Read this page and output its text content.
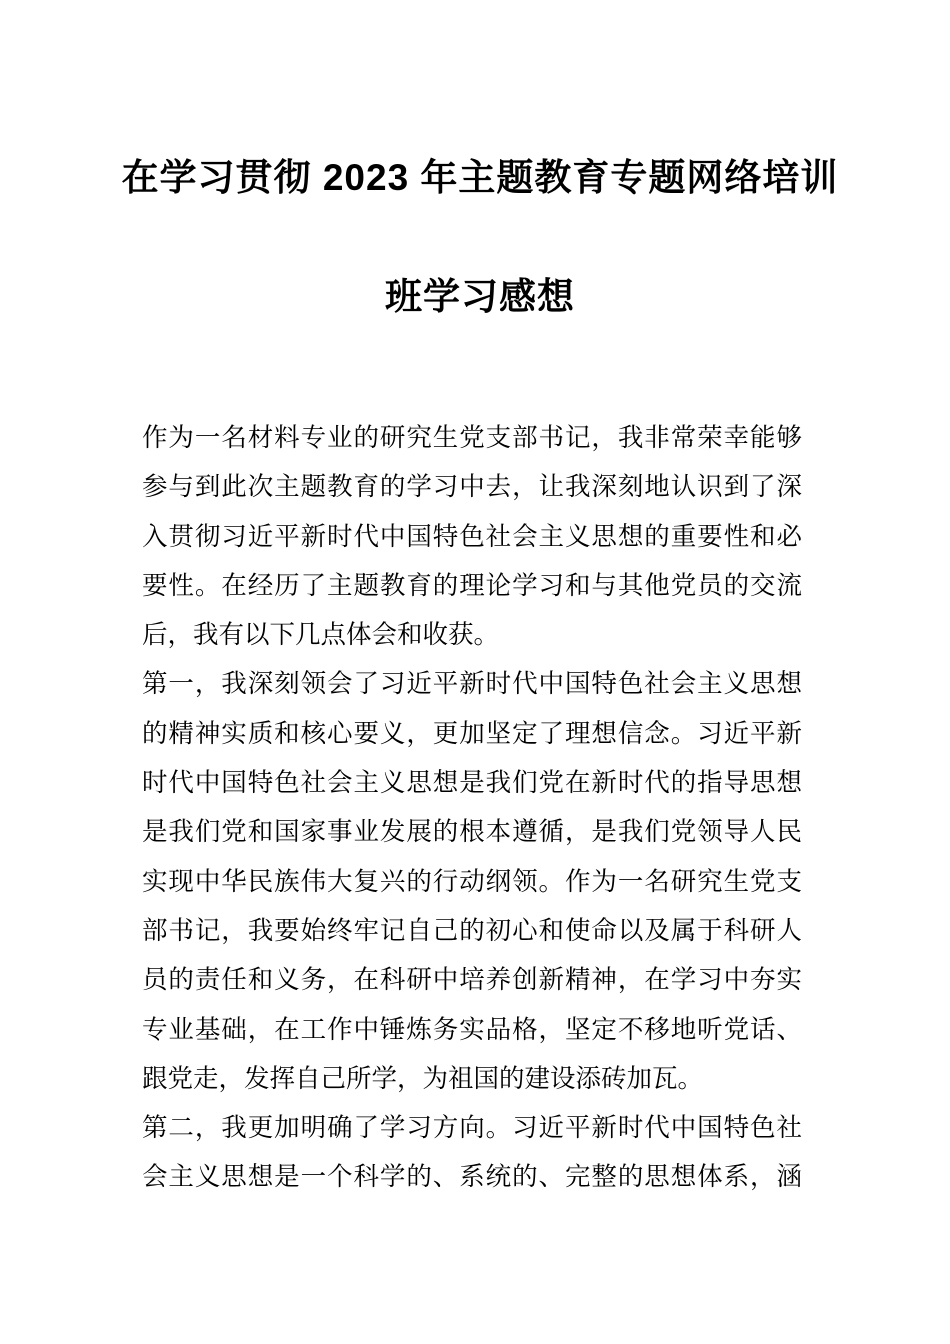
在学习贯彻 2023 年主题教育专题网络培训
班学习感想
作为一名材料专业的研究生党支部书记，我非常荣幸能够
参与到此次主题教育的学习中去，让我深刻地认识到了深
入贯彻习近平新时代中国特色社会主义思想的重要性和必
要性。在经历了主题教育的理论学习和与其他党员的交流
后，我有以下几点体会和收获。
第一，我深刻领会了习近平新时代中国特色社会主义思想
的精神实质和核心要义，更加坚定了理想信念。习近平新
时代中国特色社会主义思想是我们党在新时代的指导思想
是我们党和国家事业发展的根本遵循，是我们党领导人民
实现中华民族伟大复兴的行动纲领。作为一名研究生党支
部书记，我要始终牢记自己的初心和使命以及属于科研人
员的责任和义务，在科研中培养创新精神，在学习中夯实
专业基础，在工作中锤炼务实品格，坚定不移地听党话、
跟党走，发挥自己所学，为祖国的建设添砖加瓦。
第二，我更加明确了学习方向。习近平新时代中国特色社
会主义思想是一个科学的、系统的、完整的思想体系，涵
